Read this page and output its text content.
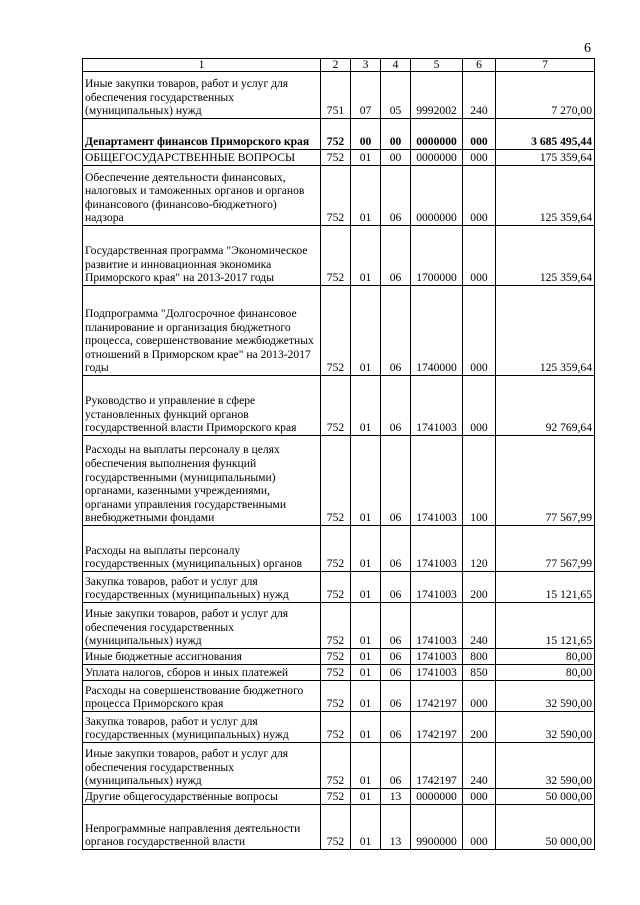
6
1	2	3	4	5	6	7
Иные закупки товаров, работ и услуг для обеспечения государственных (муниципальных) нужд	751	07	05	9992002	240	7 270,00
Департамент финансов Приморского края	752	00	00	0000000	000	3 685 495,44
ОБЩЕГОСУДАРСТВЕННЫЕ ВОПРОСЫ	752	01	00	0000000	000	175 359,64
Обеспечение деятельности финансовых, налоговых и таможенных органов и органов финансового (финансово-бюджетного) надзора	752	01	06	0000000	000	125 359,64
Государственная программа "Экономическое развитие и инновационная экономика Приморского края" на 2013-2017 годы	752	01	06	1700000	000	125 359,64
Подпрограмма "Долгосрочное финансовое планирование и организация бюджетного процесса, совершенствование межбюджетных отношений в Приморском крае" на 2013-2017 годы	752	01	06	1740000	000	125 359,64
Руководство и управление в сфере установленных функций органов государственной власти Приморского края	752	01	06	1741003	000	92 769,64
Расходы на выплаты персоналу в целях обеспечения выполнения функций государственными (муниципальными) органами, казенными учреждениями, органами управления государственными внебюджетными фондами	752	01	06	1741003	100	77 567,99
Расходы на выплаты персоналу государственных (муниципальных) органов	752	01	06	1741003	120	77 567,99
Закупка товаров, работ и услуг для государственных (муниципальных) нужд	752	01	06	1741003	200	15 121,65
Иные закупки товаров, работ и услуг для обеспечения государственных (муниципальных) нужд	752	01	06	1741003	240	15 121,65
Иные бюджетные ассигнования	752	01	06	1741003	800	80,00
Уплата налогов, сборов и иных платежей	752	01	06	1741003	850	80,00
Расходы на совершенствование бюджетного процесса Приморского края	752	01	06	1742197	000	32 590,00
Закупка товаров, работ и услуг для государственных (муниципальных) нужд	752	01	06	1742197	200	32 590,00
Иные закупки товаров, работ и услуг для обеспечения государственных (муниципальных) нужд	752	01	06	1742197	240	32 590,00
Другие общегосударственные вопросы	752	01	13	0000000	000	50 000,00
Непрограммные направления деятельности органов государственной власти	752	01	13	9900000	000	50 000,00
